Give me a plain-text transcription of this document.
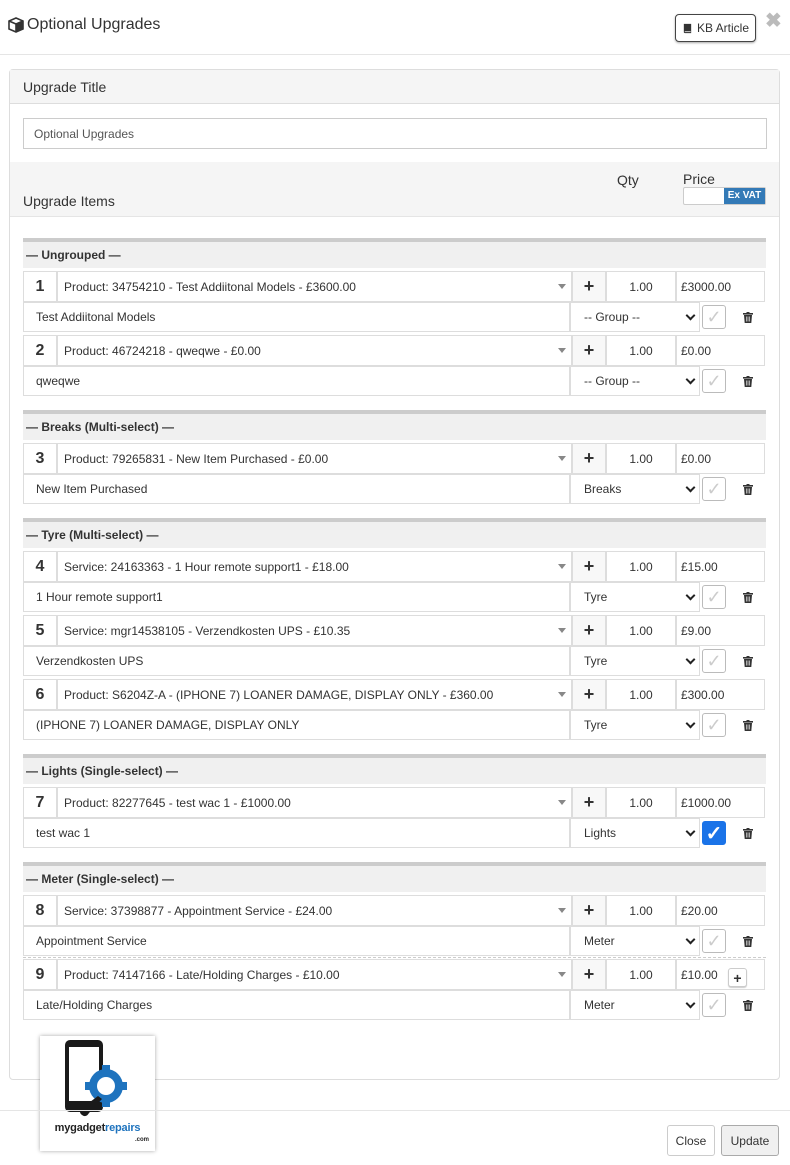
Optional Upgrades	KB Article ✖
Upgrade Title
Optional Upgrades
Upgrade Items
Qty	Price
Ex VAT
— Ungrouped —
1	Product: 34754210 - Test Addiitonal Models - £3600.00	+	1.00	£3000.00
Test Addiitonal Models	-- Group --	✓
2	Product: 46724218 - qweqwe - £0.00	+	1.00	£0.00
qweqwe	-- Group --	✓
— Breaks (Multi-select) —
3	Product: 79265831 - New Item Purchased - £0.00	+	1.00	£0.00
New Item Purchased	Breaks	✓
— Tyre (Multi-select) —
4	Service: 24163363 - 1 Hour remote support1 - £18.00	+	1.00	£15.00
1 Hour remote support1	Tyre	✓
5	Service: mgr14538105 - Verzendkosten UPS - £10.35	+	1.00	£9.00
Verzendkosten UPS	Tyre	✓
6	Product: S6204Z-A - (IPHONE 7) LOANER DAMAGE, DISPLAY ONLY - £360.00	+	1.00	£300.00
(IPHONE 7) LOANER DAMAGE, DISPLAY ONLY	Tyre	✓
— Lights (Single-select) —
7	Product: 82277645 - test wac 1 - £1000.00	+	1.00	£1000.00
test wac 1	Lights	✓
— Meter (Single-select) —
8	Service: 37398877 - Appointment Service - £24.00	+	1.00	£20.00
Appointment Service	Meter	✓
9	Product: 74147166 - Late/Holding Charges - £10.00	+	1.00	£10.00
Late/Holding Charges	Meter	✓
+
mygadgetrepairs
.com	Close	Update
